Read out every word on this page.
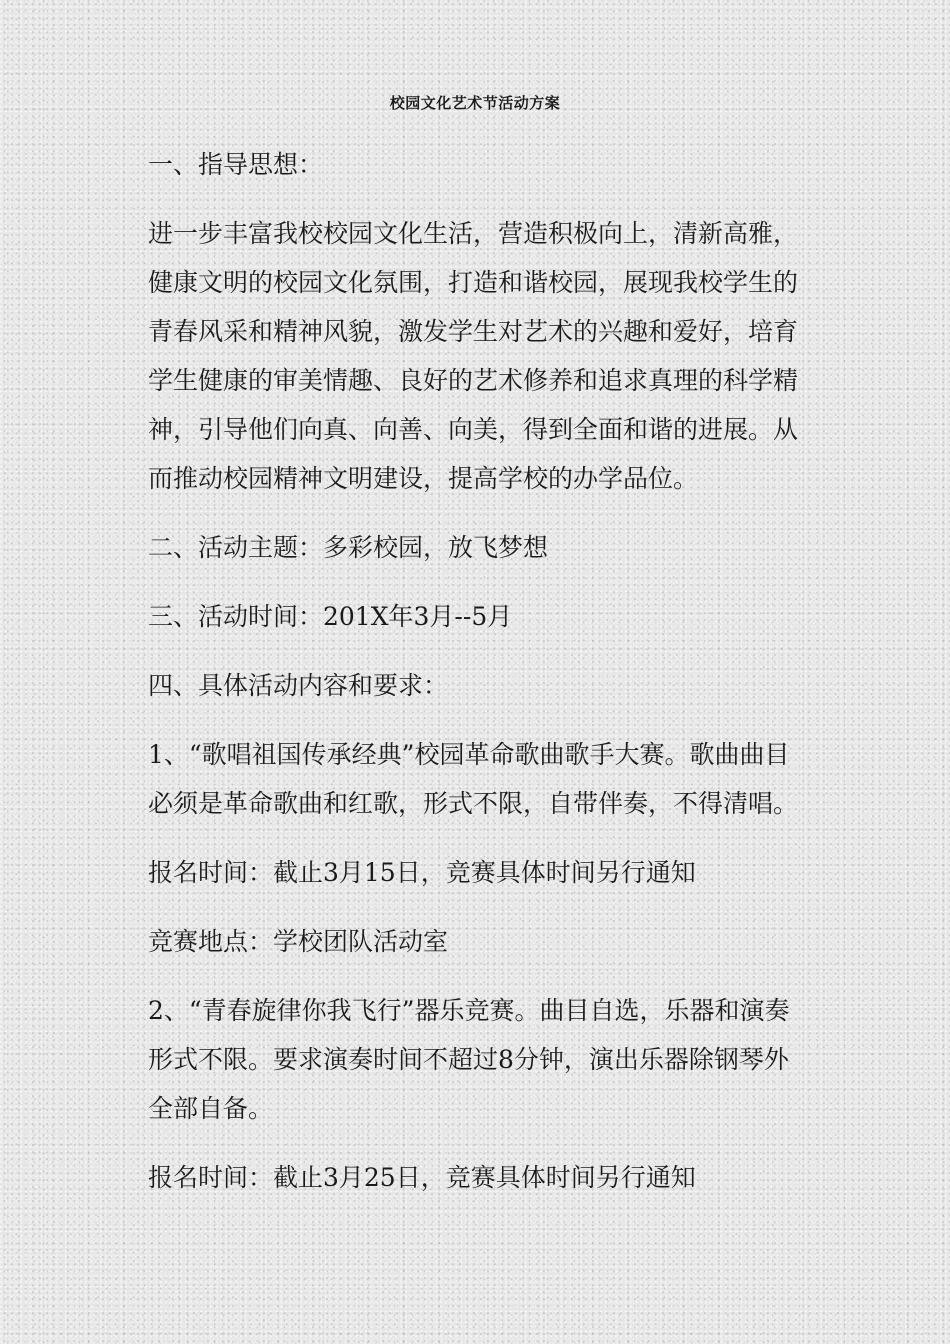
校园文化艺术节活动方案

一、指导思想：

进一步丰富我校校园文化生活，营造积极向上，清新高雅，健康文明的校园文化氛围，打造和谐校园，展现我校学生的青春风采和精神风貌，激发学生对艺术的兴趣和爱好，培育学生健康的审美情趣、良好的艺术修养和追求真理的科学精神，引导他们向真、向善、向美，得到全面和谐的进展。从而推动校园精神文明建设，提高学校的办学品位。

二、活动主题：多彩校园，放飞梦想

三、活动时间：201X年3月--5月

四、具体活动内容和要求：

1、“歌唱祖国传承经典”校园革命歌曲歌手大赛。歌曲曲目必须是革命歌曲和红歌，形式不限，自带伴奏，不得清唱。

报名时间：截止3月15日，竞赛具体时间另行通知

竞赛地点：学校团队活动室

2、“青春旋律你我飞行”器乐竞赛。曲目自选，乐器和演奏形式不限。要求演奏时间不超过8分钟，演出乐器除钢琴外全部自备。

报名时间：截止3月25日，竞赛具体时间另行通知
